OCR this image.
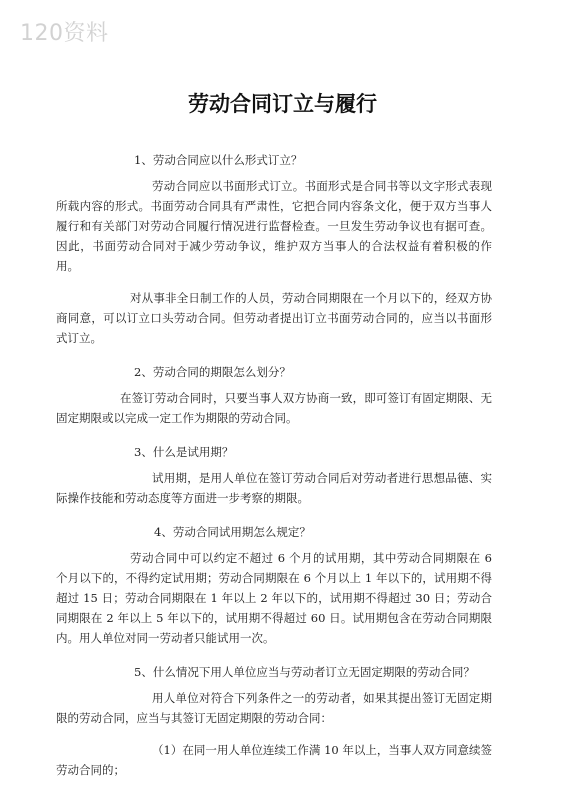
120资料
劳动合同订立与履行

1、劳动合同应以什么形式订立？

劳动合同应以书面形式订立。书面形式是合同书等以文字形式表现所载内容的形式。书面劳动合同具有严肃性，它把合同内容条文化，便于双方当事人履行和有关部门对劳动合同履行情况进行监督检查。一旦发生劳动争议也有据可查。因此，书面劳动合同对于减少劳动争议，维护双方当事人的合法权益有着积极的作用。

对从事非全日制工作的人员，劳动合同期限在一个月以下的，经双方协商同意，可以订立口头劳动合同。但劳动者提出订立书面劳动合同的，应当以书面形式订立。

2、劳动合同的期限怎么划分？

在签订劳动合同时，只要当事人双方协商一致，即可签订有固定期限、无固定期限或以完成一定工作为期限的劳动合同。

3、什么是试用期？

试用期，是用人单位在签订劳动合同后对劳动者进行思想品德、实际操作技能和劳动态度等方面进一步考察的期限。

4、劳动合同试用期怎么规定？

劳动合同中可以约定不超过 6 个月的试用期，其中劳动合同期限在 6 个月以下的，不得约定试用期；劳动合同期限在 6 个月以上 1 年以下的，试用期不得超过 15 日；劳动合同期限在 1 年以上 2 年以下的，试用期不得超过 30 日；劳动合同期限在 2 年以上 5 年以下的，试用期不得超过 60 日。试用期包含在劳动合同期限内。用人单位对同一劳动者只能试用一次。

5、什么情况下用人单位应当与劳动者订立无固定期限的劳动合同？

用人单位对符合下列条件之一的劳动者，如果其提出签订无固定期限的劳动合同，应当与其签订无固定期限的劳动合同：

（1）在同一用人单位连续工作满 10 年以上，当事人双方同意续签劳动合同的；
